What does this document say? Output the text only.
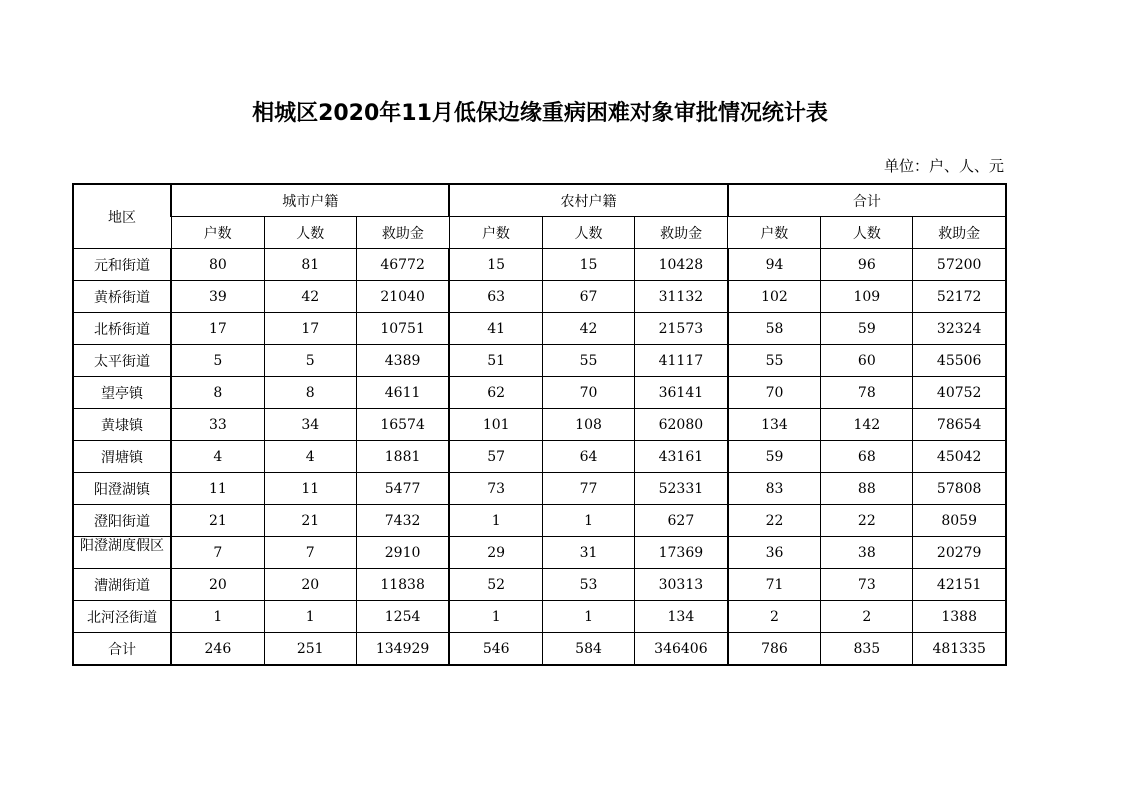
相城区2020年11月低保边缘重病困难对象审批情况统计表
单位：户、人、元
地区	城市户籍			农村户籍			合计		
	户数	人数	救助金	户数	人数	救助金	户数	人数	救助金
元和街道	80	81	46772	15	15	10428	94	96	57200
黄桥街道	39	42	21040	63	67	31132	102	109	52172
北桥街道	17	17	10751	41	42	21573	58	59	32324
太平街道	5	5	4389	51	55	41117	55	60	45506
望亭镇	8	8	4611	62	70	36141	70	78	40752
黄埭镇	33	34	16574	101	108	62080	134	142	78654
渭塘镇	4	4	1881	57	64	43161	59	68	45042
阳澄湖镇	11	11	5477	73	77	52331	83	88	57808
澄阳街道	21	21	7432	1	1	627	22	22	8059

阳澄湖度假区	7	7	2910	29	31	17369	36	38	20279
漕湖街道	20	20	11838	52	53	30313	71	73	42151
北河泾街道	1	1	1254	1	1	134	2	2	1388
合计	246	251	134929	546	584	346406	786	835	481335
